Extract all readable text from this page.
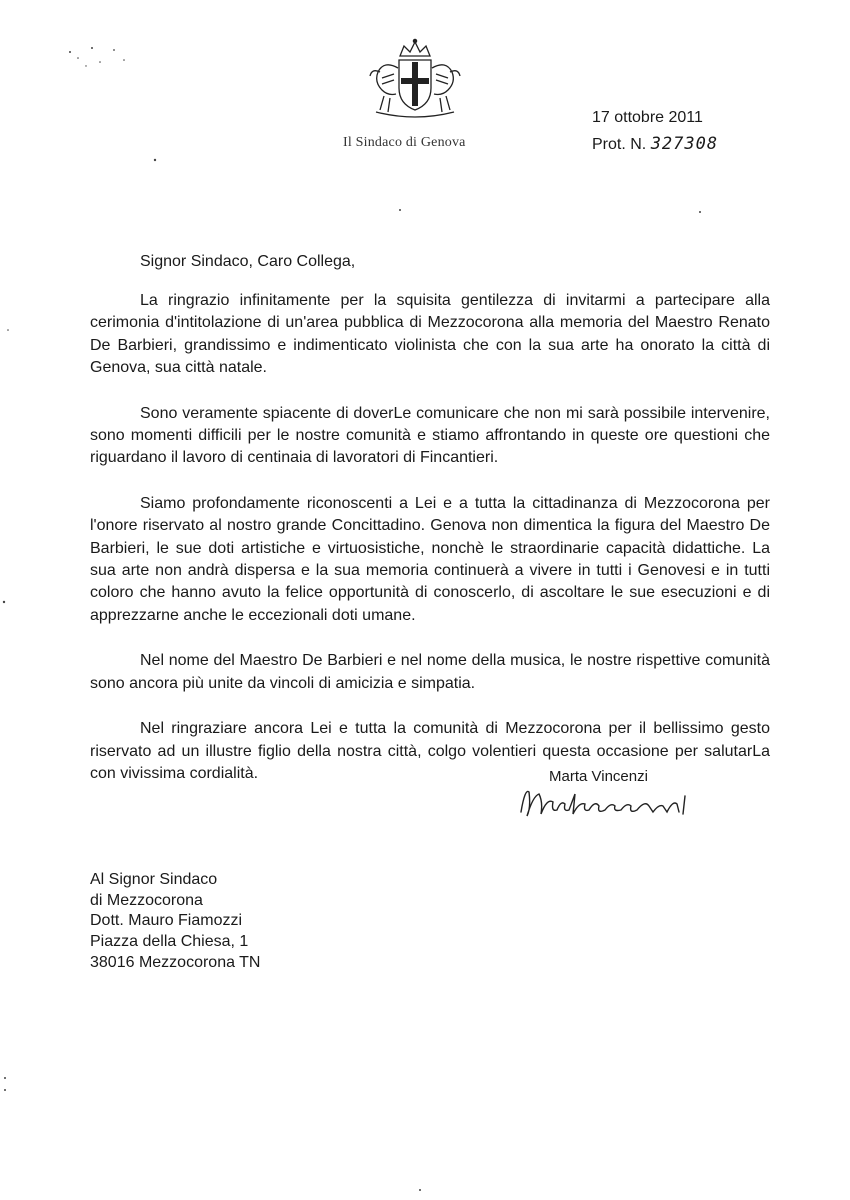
Il Sindaco di Genova
17 ottobre 2011
Prot. N. 327308
Signor Sindaco, Caro Collega,

La ringrazio infinitamente per la squisita gentilezza di invitarmi a partecipare alla cerimonia d'intitolazione di un'area pubblica di Mezzocorona alla memoria del Maestro Renato De Barbieri, grandissimo e indimenticato violinista che con la sua arte ha onorato la città di Genova, sua città natale.

Sono veramente spiacente di doverLe comunicare che non mi sarà possibile intervenire, sono momenti difficili per le nostre comunità e stiamo affrontando in queste ore questioni che riguardano il lavoro di centinaia di lavoratori di Fincantieri.

Siamo profondamente riconoscenti a Lei e a tutta la cittadinanza di Mezzocorona per l'onore riservato al nostro grande Concittadino. Genova non dimentica la figura del Maestro De Barbieri, le sue doti artistiche e virtuosistiche, nonchè le straordinarie capacità didattiche. La sua arte non andrà dispersa e la sua memoria continuerà a vivere in tutti i Genovesi e in tutti coloro che hanno avuto la felice opportunità di conoscerlo, di ascoltare le sue esecuzioni e di apprezzarne anche le eccezionali doti umane.

Nel nome del Maestro De Barbieri e nel nome della musica, le nostre rispettive comunità sono ancora più unite da vincoli di amicizia e simpatia.

Nel ringraziare ancora Lei e tutta la comunità di Mezzocorona per il bellissimo gesto riservato ad un illustre figlio della nostra città, colgo volentieri questa occasione per salutarLa con vivissima cordialità.	Marta Vincenzi
Al Signor Sindaco
di Mezzocorona
Dott. Mauro Fiamozzi
Piazza della Chiesa, 1
38016 Mezzocorona TN
